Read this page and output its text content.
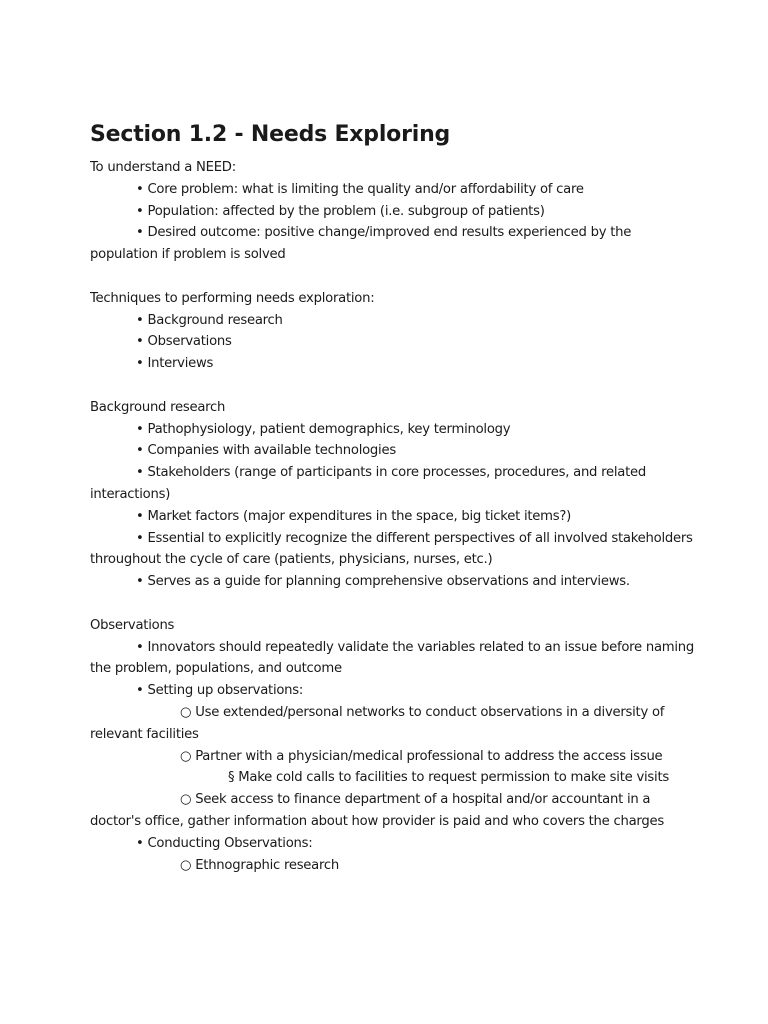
Section 1.2 - Needs Exploring
To understand a NEED:
• Core problem: what is limiting the quality and/or affordability of care
• Population: affected by the problem (i.e. subgroup of patients)
• Desired outcome: positive change/improved end results experienced by the
population if problem is solved
Techniques to performing needs exploration:
• Background research
• Observations
• Interviews
Background research
• Pathophysiology, patient demographics, key terminology
• Companies with available technologies
• Stakeholders (range of participants in core processes, procedures, and related
interactions)
• Market factors (major expenditures in the space, big ticket items?)
• Essential to explicitly recognize the different perspectives of all involved stakeholders
throughout the cycle of care (patients, physicians, nurses, etc.)
• Serves as a guide for planning comprehensive observations and interviews.
Observations
• Innovators should repeatedly validate the variables related to an issue before naming
the problem, populations, and outcome
• Setting up observations:
○ Use extended/personal networks to conduct observations in a diversity of
relevant facilities
○ Partner with a physician/medical professional to address the access issue
§ Make cold calls to facilities to request permission to make site visits
○ Seek access to finance department of a hospital and/or accountant in a
doctor's office, gather information about how provider is paid and who covers the charges
• Conducting Observations:
○ Ethnographic research
